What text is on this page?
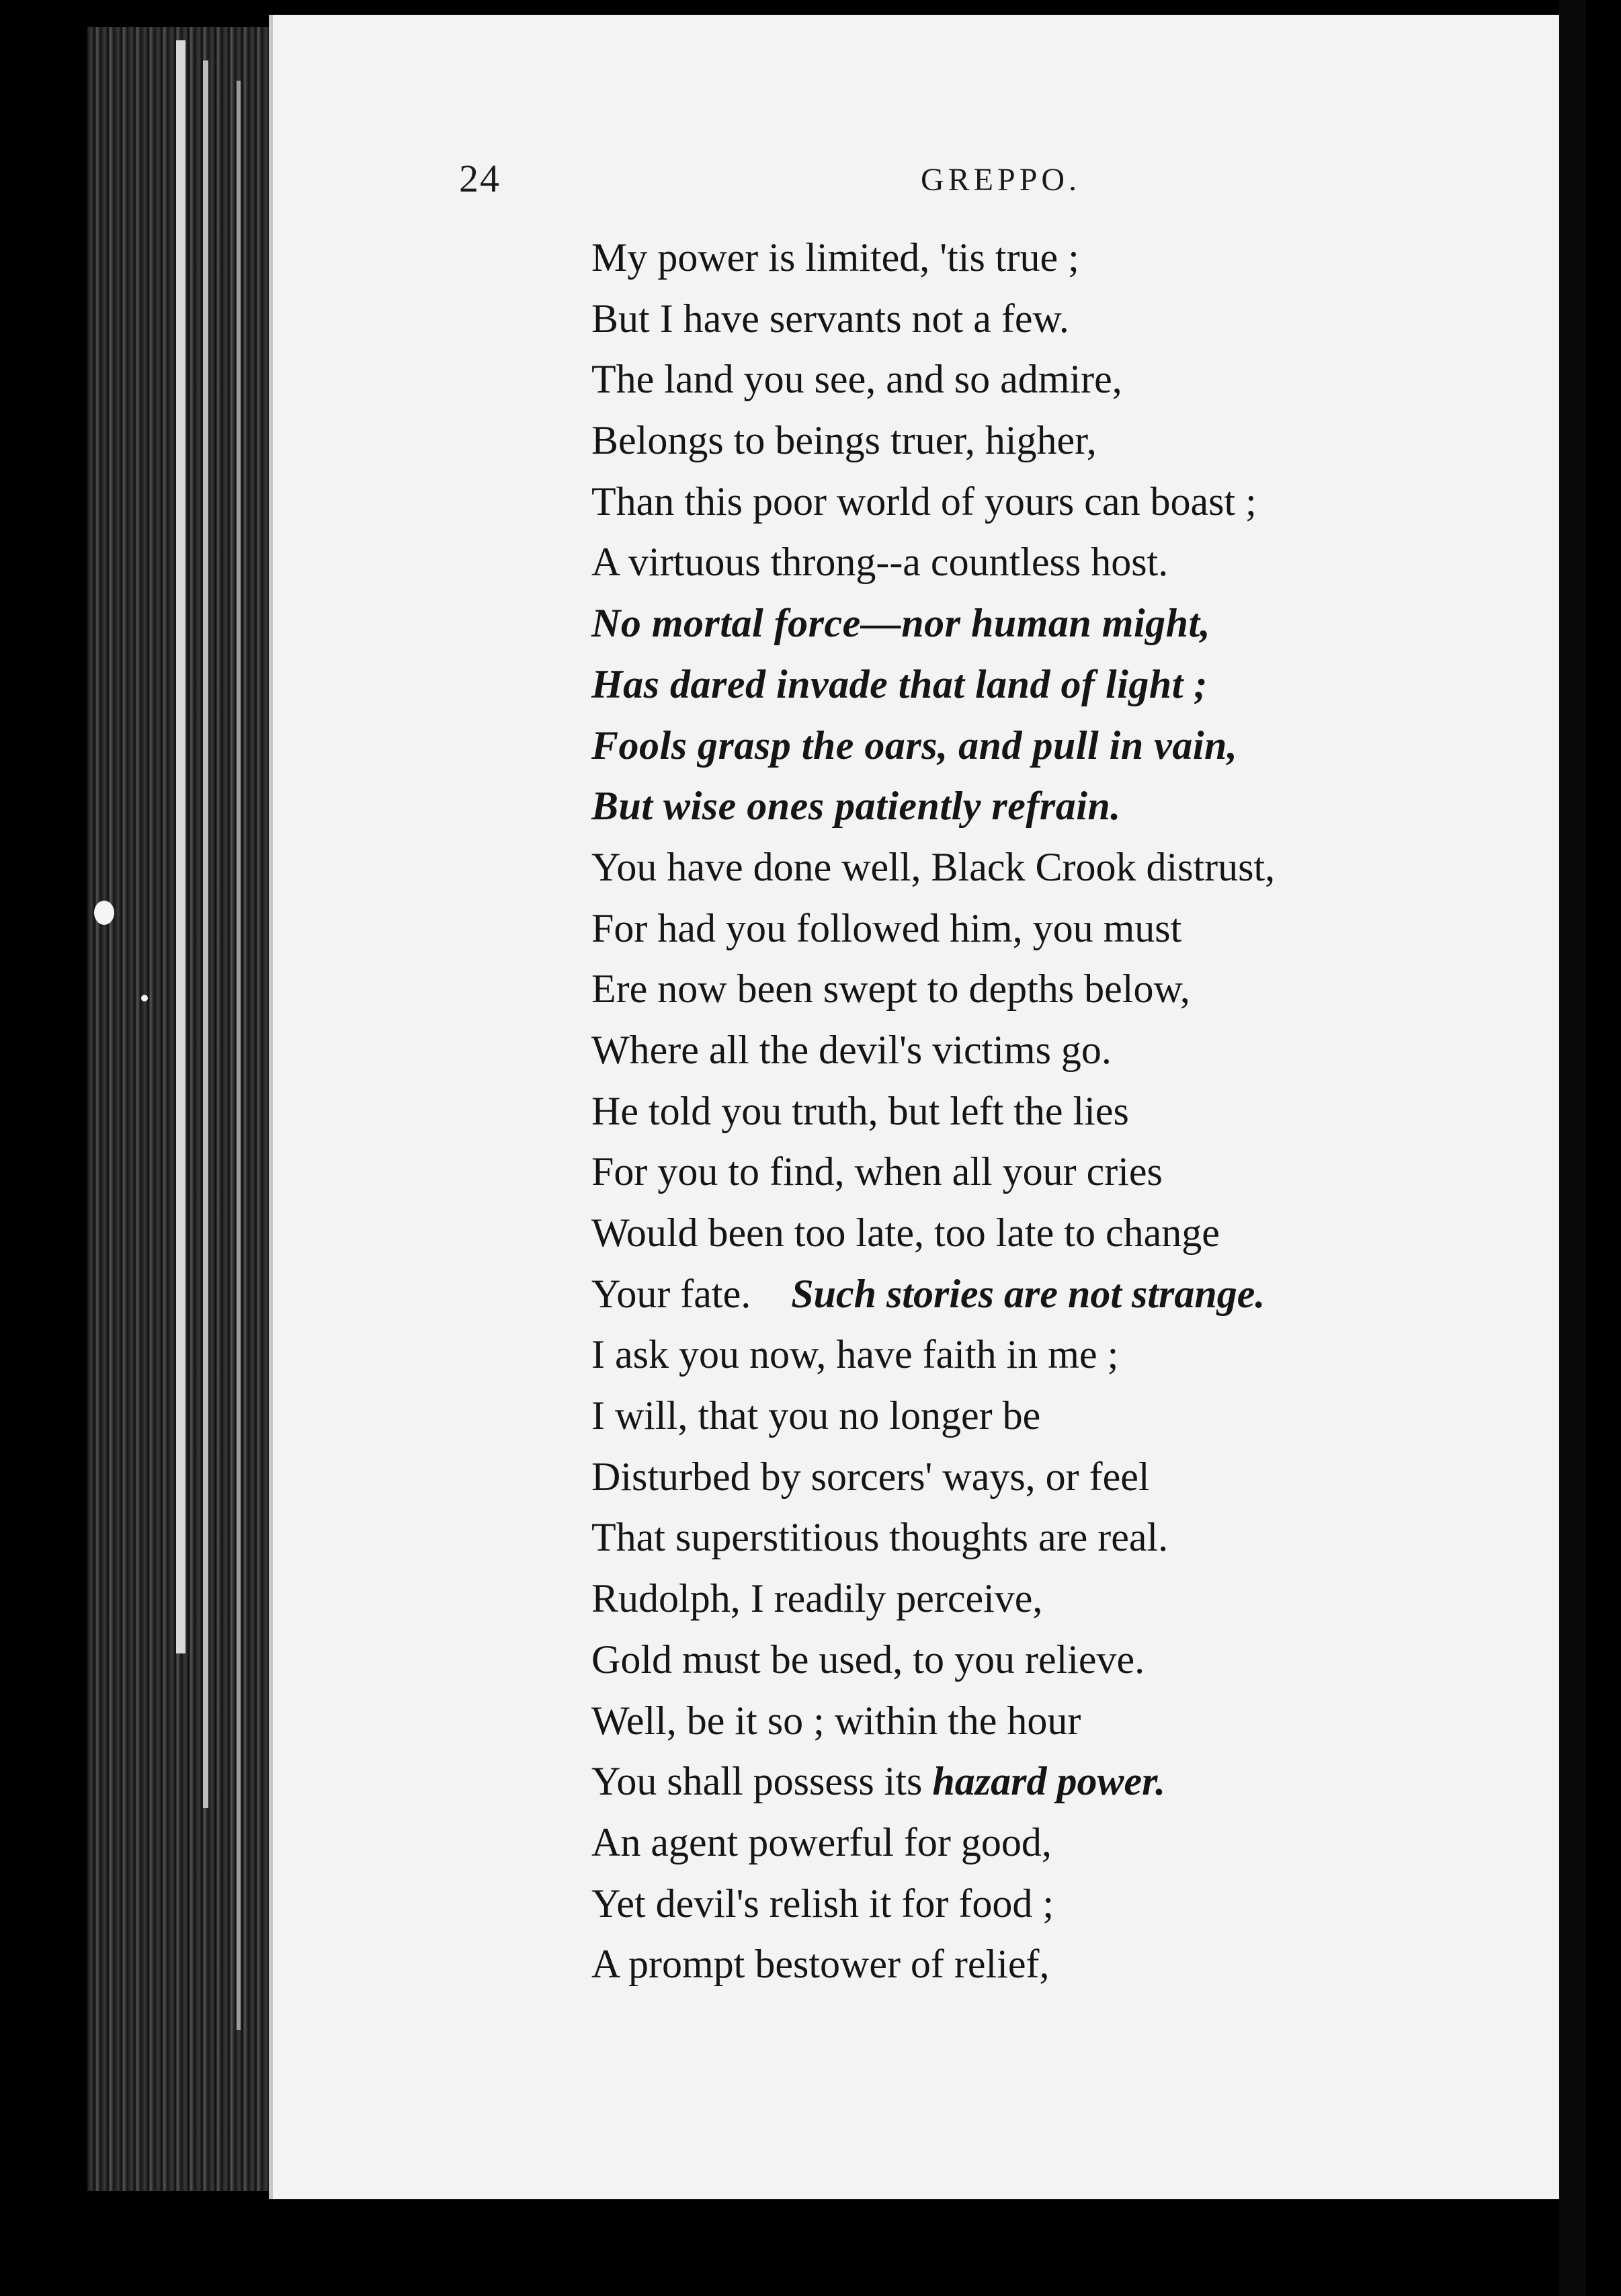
24	GREPPO.
My power is limited, 'tis true ;
But I have servants not a few.
The land you see, and so admire,
Belongs to beings truer, higher,
Than this poor world of yours can boast ;
A virtuous throng--a countless host.
No mortal force—nor human might,
Has dared invade that land of light ;
Fools grasp the oars, and pull in vain,
But wise ones patiently refrain.
You have done well, Black Crook distrust,
For had you followed him, you must
Ere now been swept to depths below,
Where all the devil's victims go.
He told you truth, but left the lies
For you to find, when all your cries
Would been too late, too late to change
Your fate. Such stories are not strange.
I ask you now, have faith in me ;
I will, that you no longer be
Disturbed by sorcers' ways, or feel
That superstitious thoughts are real.
Rudolph, I readily perceive,
Gold must be used, to you relieve.
Well, be it so ; within the hour
You shall possess its hazard power.
An agent powerful for good,
Yet devil's relish it for food ;
A prompt bestower of relief,
